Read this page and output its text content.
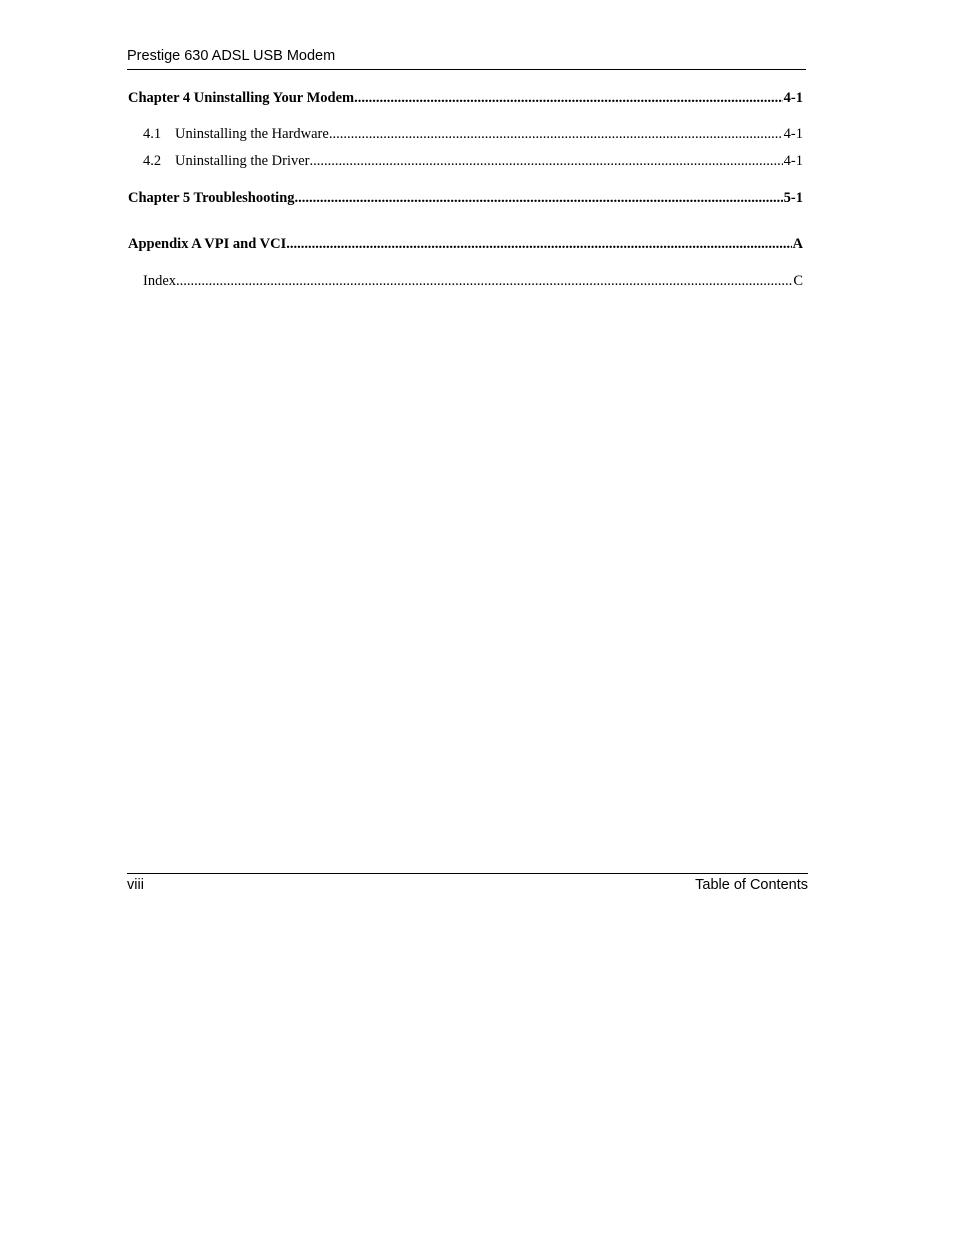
Prestige 630 ADSL USB Modem
Chapter 4 Uninstalling Your Modem .....	4-1
4.1 Uninstalling the Hardware .....	4-1
4.2 Uninstalling the Driver .....	4-1
Chapter 5 Troubleshooting .....	5-1
Appendix A VPI and VCI .....	A
Index .....	C
viii	Table of Contents
